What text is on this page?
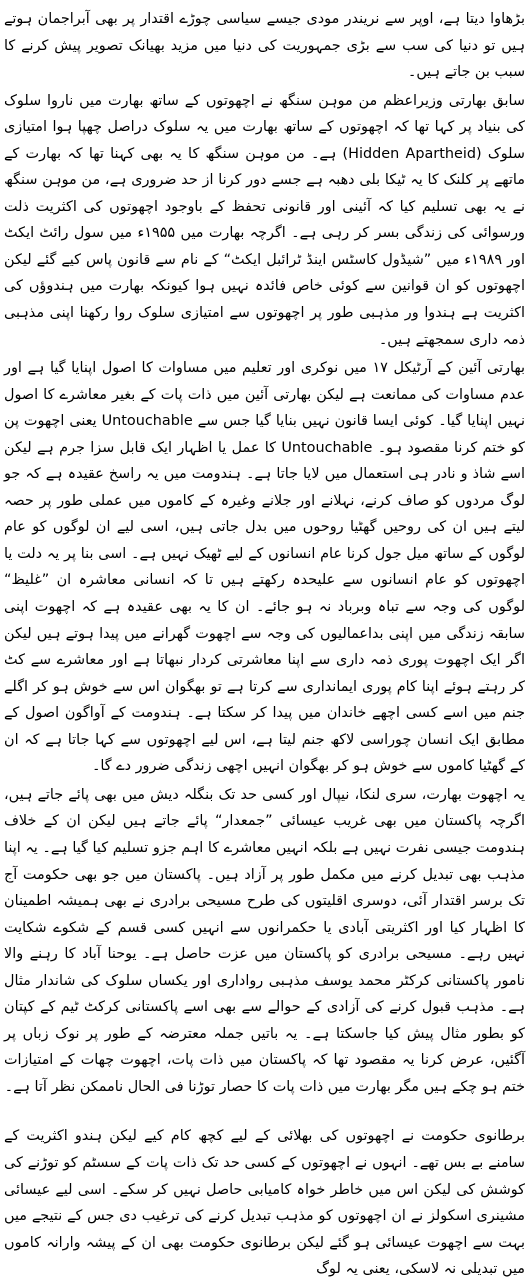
بڑھاوا دیتا ہے، اوپر سے نریندر مودی جیسے سیاسی چوڑے اقتدار پر بھی آبراجمان ہوتے ہیں تو دنیا کی سب سے بڑی جمہوریت کی دنیا میں مزید بھیانک تصویر پیش کرنے کا سبب بن جاتے ہیں۔

سابق بھارتی وزیراعظم من موہن سنگھ نے اچھوتوں کے ساتھ بھارت میں ناروا سلوک کی بنیاد پر کہا تھا کہ اچھوتوں کے ساتھ بھارت میں یہ سلوک دراصل چھپا ہوا امتیازی سلوک (Hidden Apartheid) ہے۔ من موہن سنگھ کا یہ بھی کہنا تھا کہ بھارت کے ماتھے پر کلنک کا یہ ٹیکا بلی دھبہ ہے جسے دور کرنا از حد ضروری ہے، من موہن سنگھ نے یہ بھی تسلیم کیا کہ آئینی اور قانونی تحفظ کے باوجود اچھوتوں کی اکثریت ذلت ورسوائی کی زندگی بسر کر رہی ہے۔ اگرچہ بھارت میں ۱۹۵۵ء میں سول رائٹ ایکٹ اور ۱۹۸۹ء میں ”شیڈول کاسٹس اینڈ ٹرائبل ایکٹ“ کے نام سے قانون پاس کیے گئے لیکن اچھوتوں کو ان قوانین سے کوئی خاص فائدہ نہیں ہوا کیونکہ بھارت میں ہندوؤں کی اکثریت ہے ہندوا ور مذہبی طور پر اچھوتوں سے امتیازی سلوک روا رکھنا اپنی مذہبی ذمہ داری سمجھتے ہیں۔

بھارتی آئین کے آرٹیکل ۱۷ میں نوکری اور تعلیم میں مساوات کا اصول اپنایا گیا ہے اور عدم مساوات کی ممانعت ہے لیکن بھارتی آئین میں ذات پات کے بغیر معاشرے کا اصول نہیں اپنایا گیا۔ کوئی ایسا قانون نہیں بنایا گیا جس سے Untouchable یعنی اچھوت پن کو ختم کرنا مقصود ہو۔ Untouchable کا عمل یا اظہار ایک قابل سزا جرم ہے لیکن اسے شاذ و نادر ہی استعمال میں لایا جاتا ہے۔ ہندومت میں یہ راسخ عقیدہ ہے کہ جو لوگ مردوں کو صاف کرنے، نہلانے اور جلانے وغیرہ کے کاموں میں عملی طور پر حصہ لیتے ہیں ان کی روحیں گھٹیا روحوں میں بدل جاتی ہیں، اسی لیے ان لوگوں کو عام لوگوں کے ساتھ میل جول کرنا عام انسانوں کے لیے ٹھیک نہیں ہے۔ اسی بنا پر یہ دلت یا اچھوتوں کو عام انسانوں سے علیحدہ رکھتے ہیں تا کہ انسانی معاشرہ ان ”غلیظ“ لوگوں کی وجہ سے تباہ وبرباد نہ ہو جائے۔ ان کا یہ بھی عقیدہ ہے کہ اچھوت اپنی سابقہ زندگی میں اپنی بداعمالیوں کی وجہ سے اچھوت گھرانے میں پیدا ہوتے ہیں لیکن اگر ایک اچھوت پوری ذمہ داری سے اپنا معاشرتی کردار نبھاتا ہے اور معاشرے سے کٹ کر رہتے ہوئے اپنا کام پوری ایمانداری سے کرتا ہے تو بھگوان اس سے خوش ہو کر اگلے جنم میں اسے کسی اچھے خاندان میں پیدا کر سکتا ہے۔ ہندومت کے آواگون اصول کے مطابق ایک انسان چوراسی لاکھ جنم لیتا ہے، اس لیے اچھوتوں سے کہا جاتا ہے کہ ان کے گھٹیا کاموں سے خوش ہو کر بھگوان انہیں اچھی زندگی ضرور دے گا۔

یہ اچھوت بھارت، سری لنکا، نیپال اور کسی حد تک بنگلہ دیش میں بھی پائے جاتے ہیں، اگرچہ پاکستان میں بھی غریب عیسائی ”جمعدار“ پائے جاتے ہیں لیکن ان کے خلاف ہندومت جیسی نفرت نہیں ہے بلکہ انہیں معاشرے کا اہم جزو تسلیم کیا گیا ہے۔ یہ اپنا مذہب بھی تبدیل کرنے میں مکمل طور پر آزاد ہیں۔ پاکستان میں جو بھی حکومت آج تک برسر اقتدار آئی، دوسری اقلیتوں کی طرح مسیحی برادری نے بھی ہمیشہ اطمینان کا اظہار کیا اور اکثریتی آبادی یا حکمرانوں سے انہیں کسی قسم کے شکوے شکایت نہیں رہے۔ مسیحی برادری کو پاکستان میں عزت حاصل ہے۔ یوحنا آباد کا رہنے والا نامور پاکستانی کرکٹر محمد یوسف مذہبی رواداری اور یکساں سلوک کی شاندار مثال ہے۔ مذہب قبول کرنے کی آزادی کے حوالے سے بھی اسے پاکستانی کرکٹ ٹیم کے کپتان کو بطور مثال پیش کیا جاسکتا ہے۔ یہ باتیں جملہ معترضہ کے طور پر نوک زباں پر آگئیں، عرض کرنا یہ مقصود تھا کہ پاکستان میں ذات پات، اچھوت چھات کے امتیازات ختم ہو چکے ہیں مگر بھارت میں ذات پات کا حصار توڑنا فی الحال ناممکن نظر آتا ہے۔

برطانوی حکومت نے اچھوتوں کی بھلائی کے لیے کچھ کام کیے لیکن ہندو اکثریت کے سامنے بے بس تھے۔ انہوں نے اچھوتوں کے کسی حد تک ذات پات کے سسٹم کو توڑنے کی کوشش کی لیکن اس میں خاطر خواہ کامیابی حاصل نہیں کر سکے۔ اسی لیے عیسائی مشینری اسکولز نے ان اچھوتوں کو مذہب تبدیل کرنے کی ترغیب دی جس کے نتیجے میں بہت سے اچھوت عیسائی ہو گئے لیکن برطانوی حکومت بھی ان کے پیشہ وارانہ کاموں میں تبدیلی نہ لاسکی، یعنی یہ لوگ
